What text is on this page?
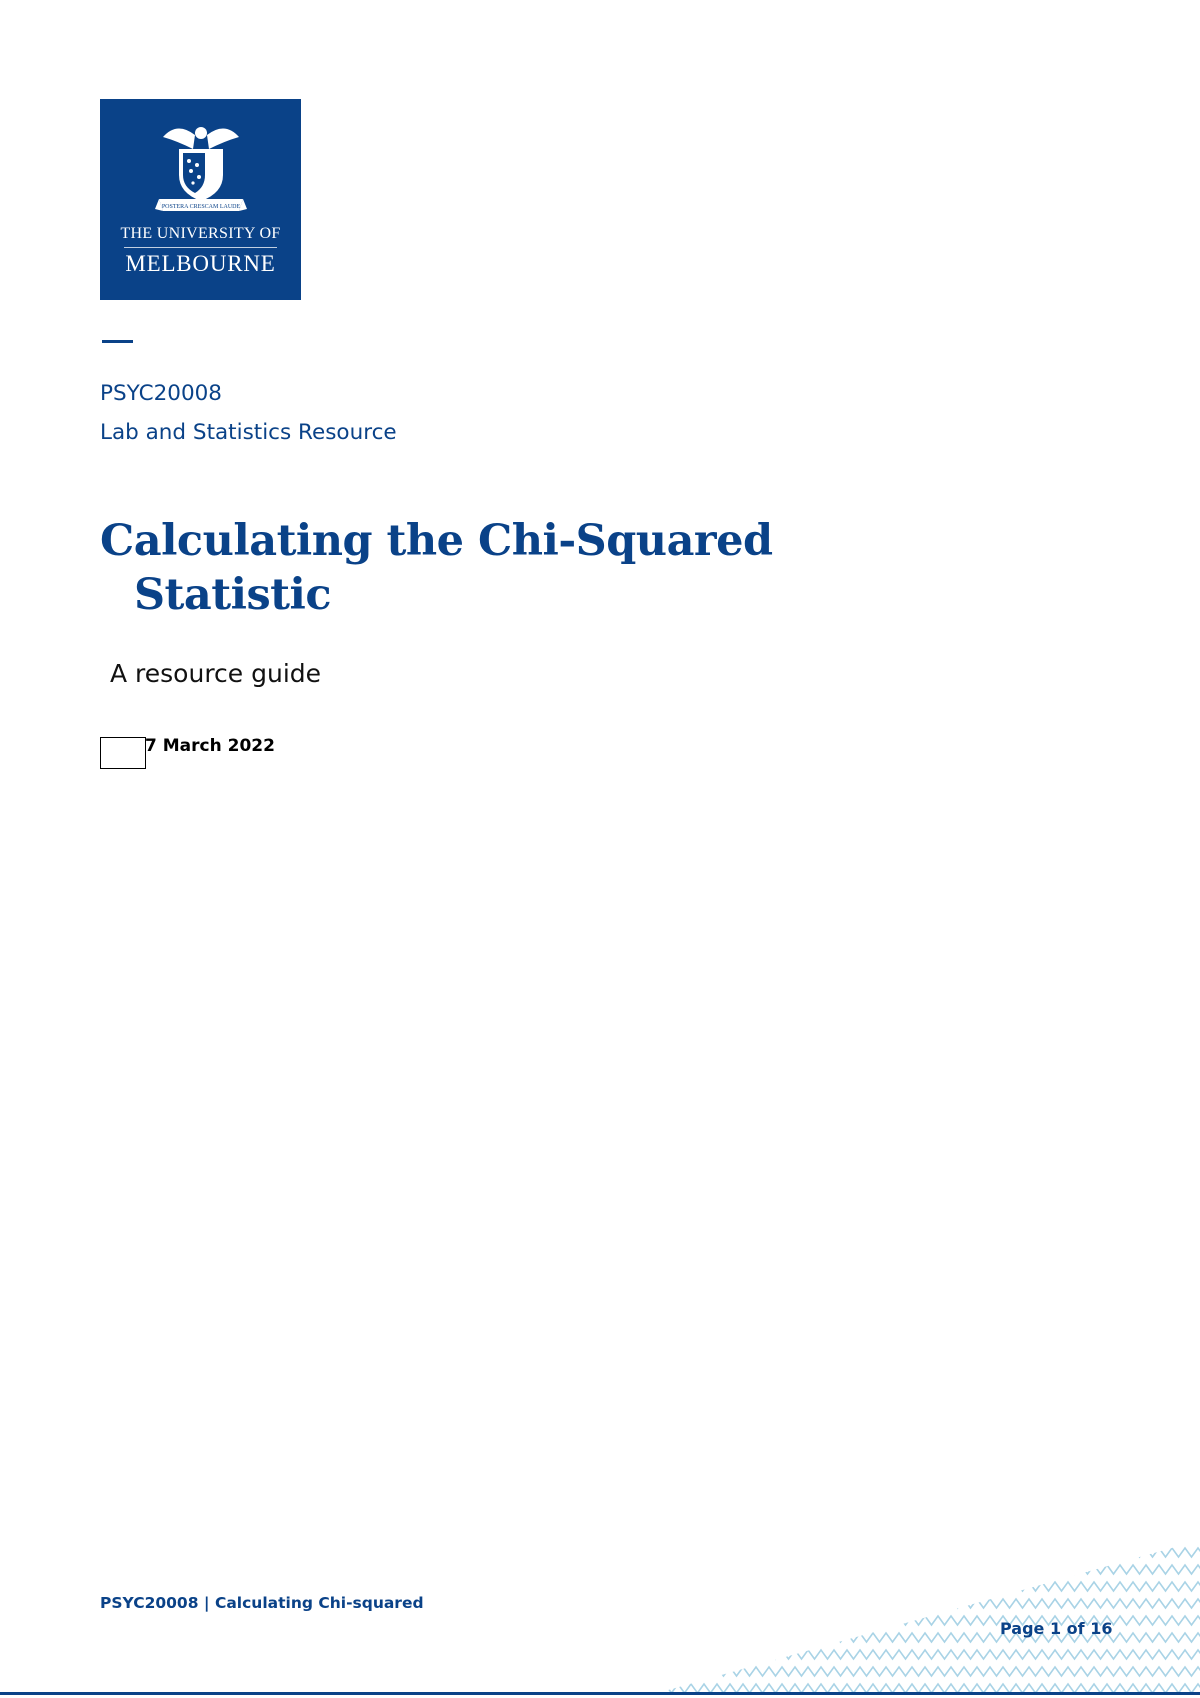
POSTERA CRESCAM LAUDE
THE UNIVERSITY OF
MELBOURNE
PSYC20008
Lab and Statistics Resource
Calculating the Chi-Squared
Statistic
A resource guide
7 March 2022
PSYC20008 | Calculating Chi-squared
Page 1 of 16
